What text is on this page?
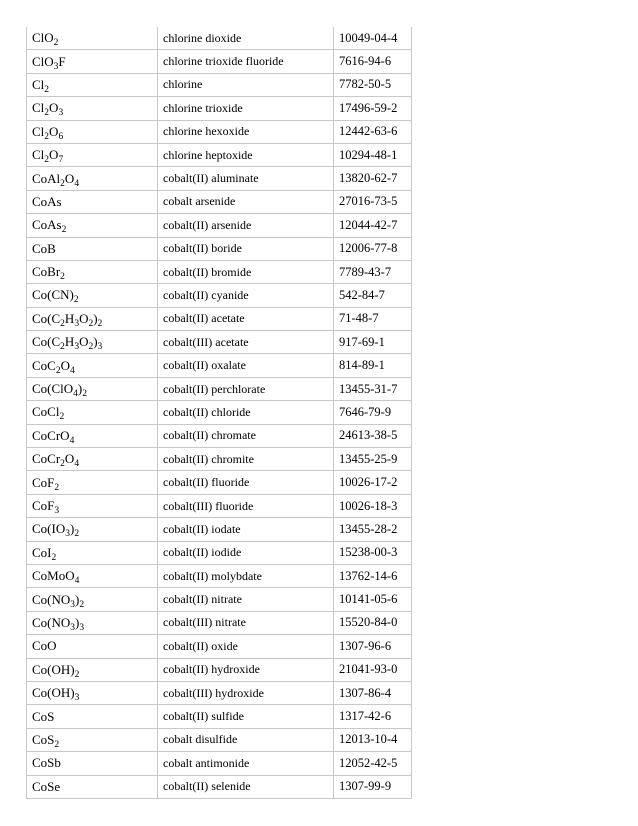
ClO$_2$	chlorine dioxide	10049-04-4
ClO$_3$F	chlorine trioxide fluoride	7616-94-6
$Cl_2$	chlorine	7782-50-5
$Cl_2O_3$	chlorine trioxide	17496-59-2
$Cl_2O_6$	chlorine hexoxide	12442-63-6
$Cl_2O_7$	chlorine heptoxide	10294-48-1
$CoAl_2O_4$	cobalt(II) aluminate	13820-62-7
CoAs	cobalt arsenide	27016-73-5
CoAs$_2$	cobalt(II) arsenide	12044-42-7
CoB	cobalt(II) boride	12006-77-8
CoBr$_2$	cobalt(II) bromide	7789-43-7
$Co(CN)_2$	cobalt(II) cyanide	542-84-7
$Co(C_2H_3O_2)_2$	cobalt(II) acetate	71-48-7
$Co(C_2H_3O_2)_3$	cobalt(III) acetate	917-69-1
$CoC_2O_4$	cobalt(II) oxalate	814-89-1
$Co(ClO_4)_2$	cobalt(II) perchlorate	13455-31-7
CoCl$_2$	cobalt(II) chloride	7646-79-9
CoCrO$_4$	cobalt(II) chromate	24613-38-5
$CoCr_2O_4$	cobalt(II) chromite	13455-25-9
CoF$_2$	cobalt(II) fluoride	10026-17-2
CoF$_3$	cobalt(III) fluoride	10026-18-3
$Co(IO_3)_2$	cobalt(II) iodate	13455-28-2
CoI$_2$	cobalt(II) iodide	15238-00-3
CoMoO$_4$	cobalt(II) molybdate	13762-14-6
$Co(NO_3)_2$	cobalt(II) nitrate	10141-05-6
$Co(NO_3)_3$	cobalt(III) nitrate	15520-84-0
CoO	cobalt(II) oxide	1307-96-6
$Co(OH)_2$	cobalt(II) hydroxide	21041-93-0
$Co(OH)_3$	cobalt(III) hydroxide	1307-86-4
CoS	cobalt(II) sulfide	1317-42-6
CoS$_2$	cobalt disulfide	12013-10-4
CoSb	cobalt antimonide	12052-42-5
CoSe	cobalt(II) selenide	1307-99-9
